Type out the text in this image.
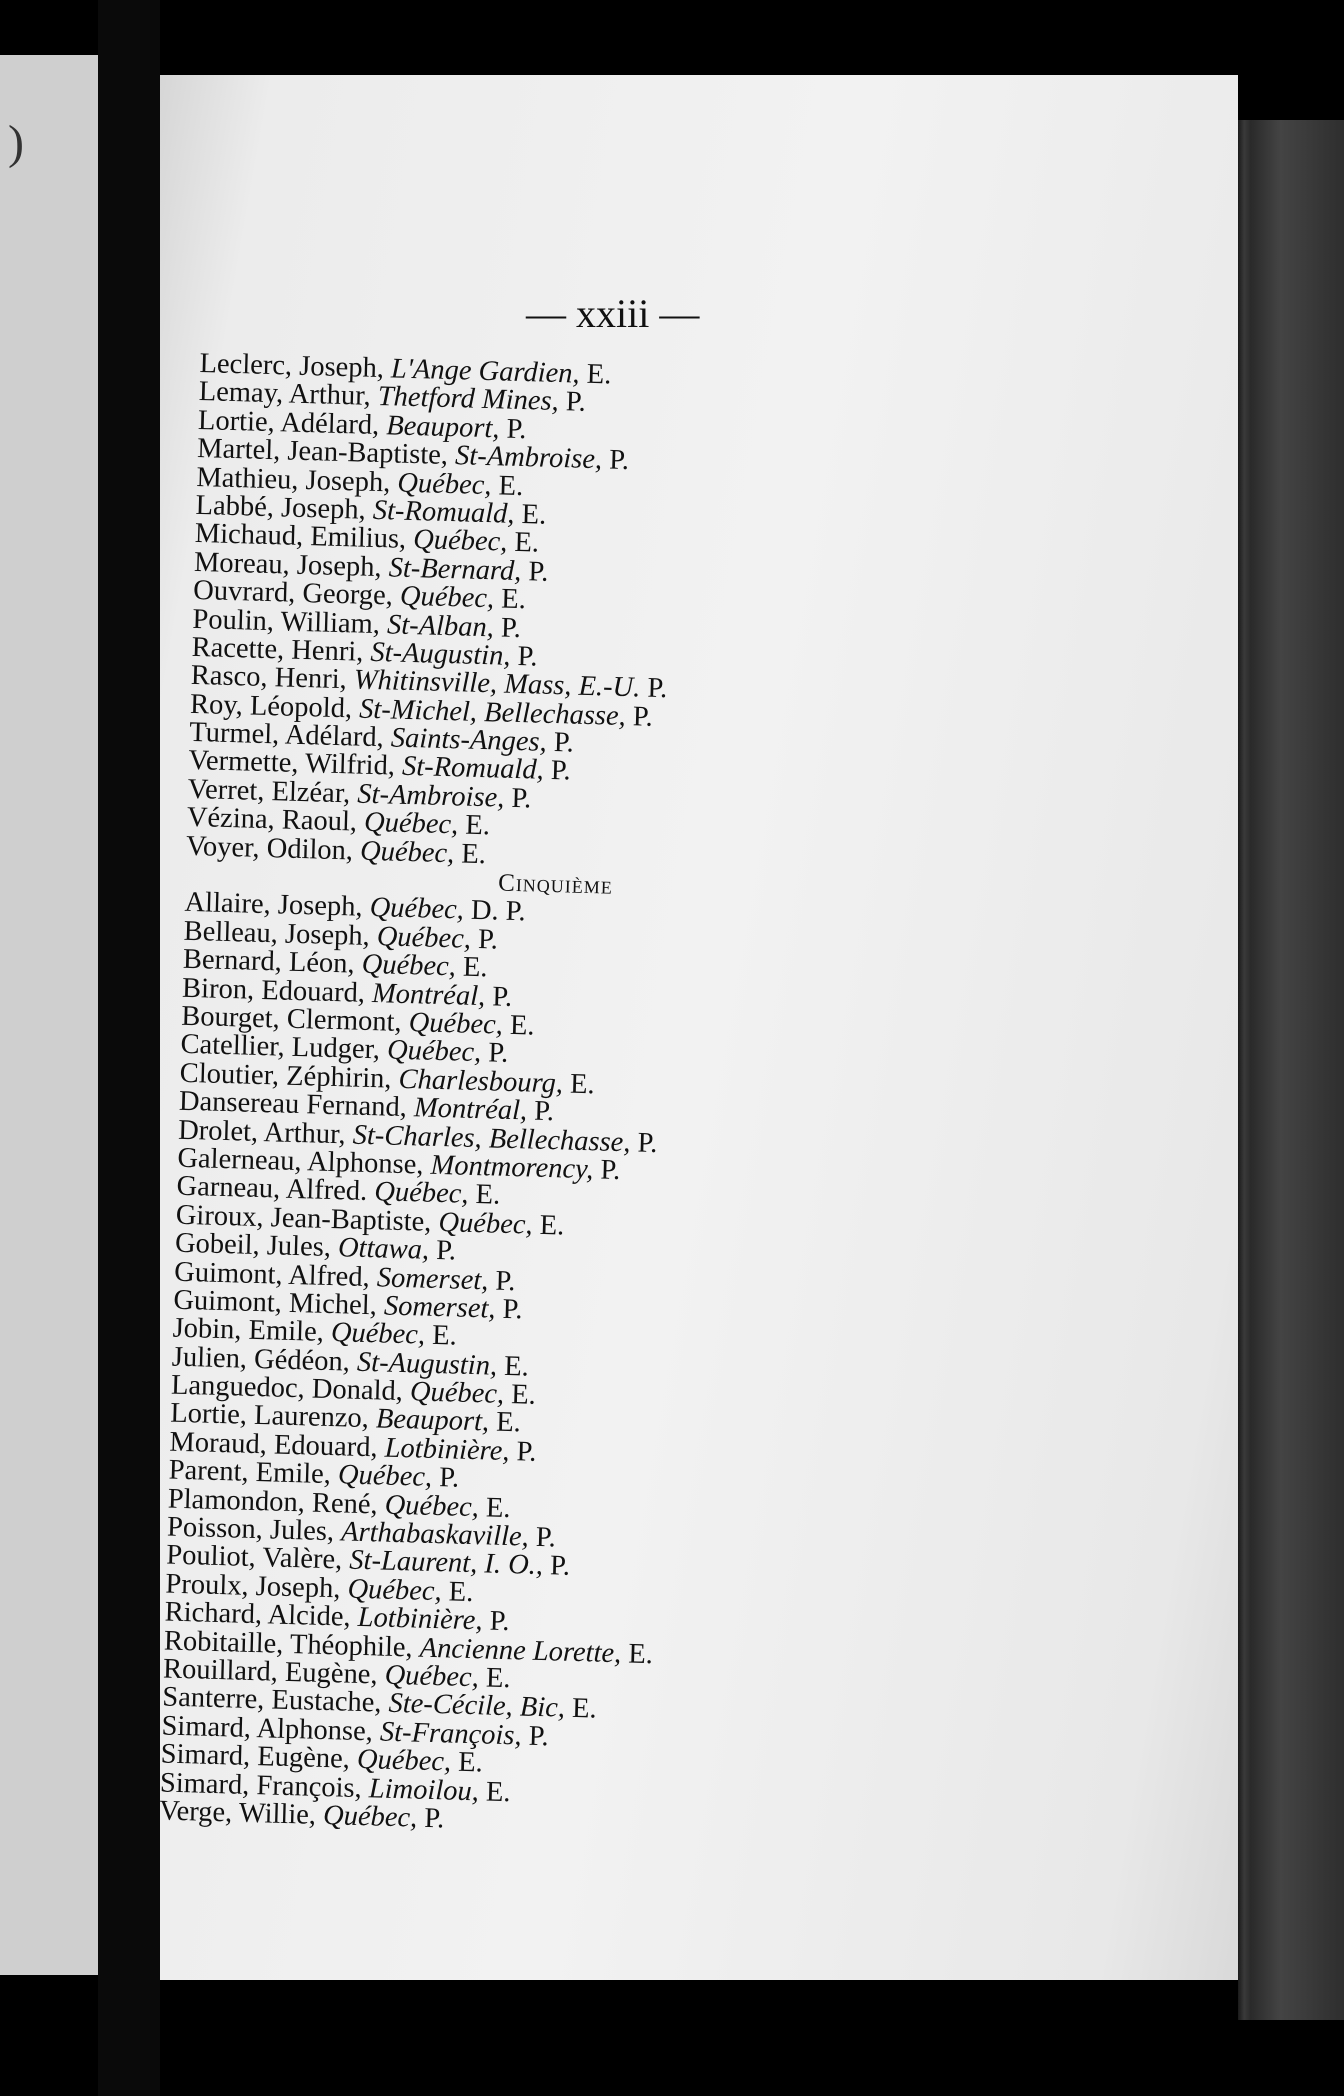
)
— xxiii —
Leclerc, Joseph, L'Ange Gardien, E.
Lemay, Arthur, Thetford Mines, P.
Lortie, Adélard, Beauport, P.
Martel, Jean-Baptiste, St-Ambroise, P.
Mathieu, Joseph, Québec, E.
Labbé, Joseph, St-Romuald, E.
Michaud, Emilius, Québec, E.
Moreau, Joseph, St-Bernard, P.
Ouvrard, George, Québec, E.
Poulin, William, St-Alban, P.
Racette, Henri, St-Augustin, P.
Rasco, Henri, Whitinsville, Mass, E.-U. P.
Roy, Léopold, St-Michel, Bellechasse, P.
Turmel, Adélard, Saints-Anges, P.
Vermette, Wilfrid, St-Romuald, P.
Verret, Elzéar, St-Ambroise, P.
Vézina, Raoul, Québec, E.
Voyer, Odilon, Québec, E.
Cinquième
Allaire, Joseph, Québec, D. P.
Belleau, Joseph, Québec, P.
Bernard, Léon, Québec, E.
Biron, Edouard, Montréal, P.
Bourget, Clermont, Québec, E.
Catellier, Ludger, Québec, P.
Cloutier, Zéphirin, Charlesbourg, E.
Dansereau Fernand, Montréal, P.
Drolet, Arthur, St-Charles, Bellechasse, P.
Galerneau, Alphonse, Montmorency, P.
Garneau, Alfred. Québec, E.
Giroux, Jean-Baptiste, Québec, E.
Gobeil, Jules, Ottawa, P.
Guimont, Alfred, Somerset, P.
Guimont, Michel, Somerset, P.
Jobin, Emile, Québec, E.
Julien, Gédéon, St-Augustin, E.
Languedoc, Donald, Québec, E.
Lortie, Laurenzo, Beauport, E.
Moraud, Edouard, Lotbinière, P.
Parent, Emile, Québec, P.
Plamondon, René, Québec, E.
Poisson, Jules, Arthabaskaville, P.
Pouliot, Valère, St-Laurent, I. O., P.
Proulx, Joseph, Québec, E.
Richard, Alcide, Lotbinière, P.
Robitaille, Théophile, Ancienne Lorette, E.
Rouillard, Eugène, Québec, E.
Santerre, Eustache, Ste-Cécile, Bic, E.
Simard, Alphonse, St-François, P.
Simard, Eugène, Québec, E.
Simard, François, Limoilou, E.
Verge, Willie, Québec, P.
